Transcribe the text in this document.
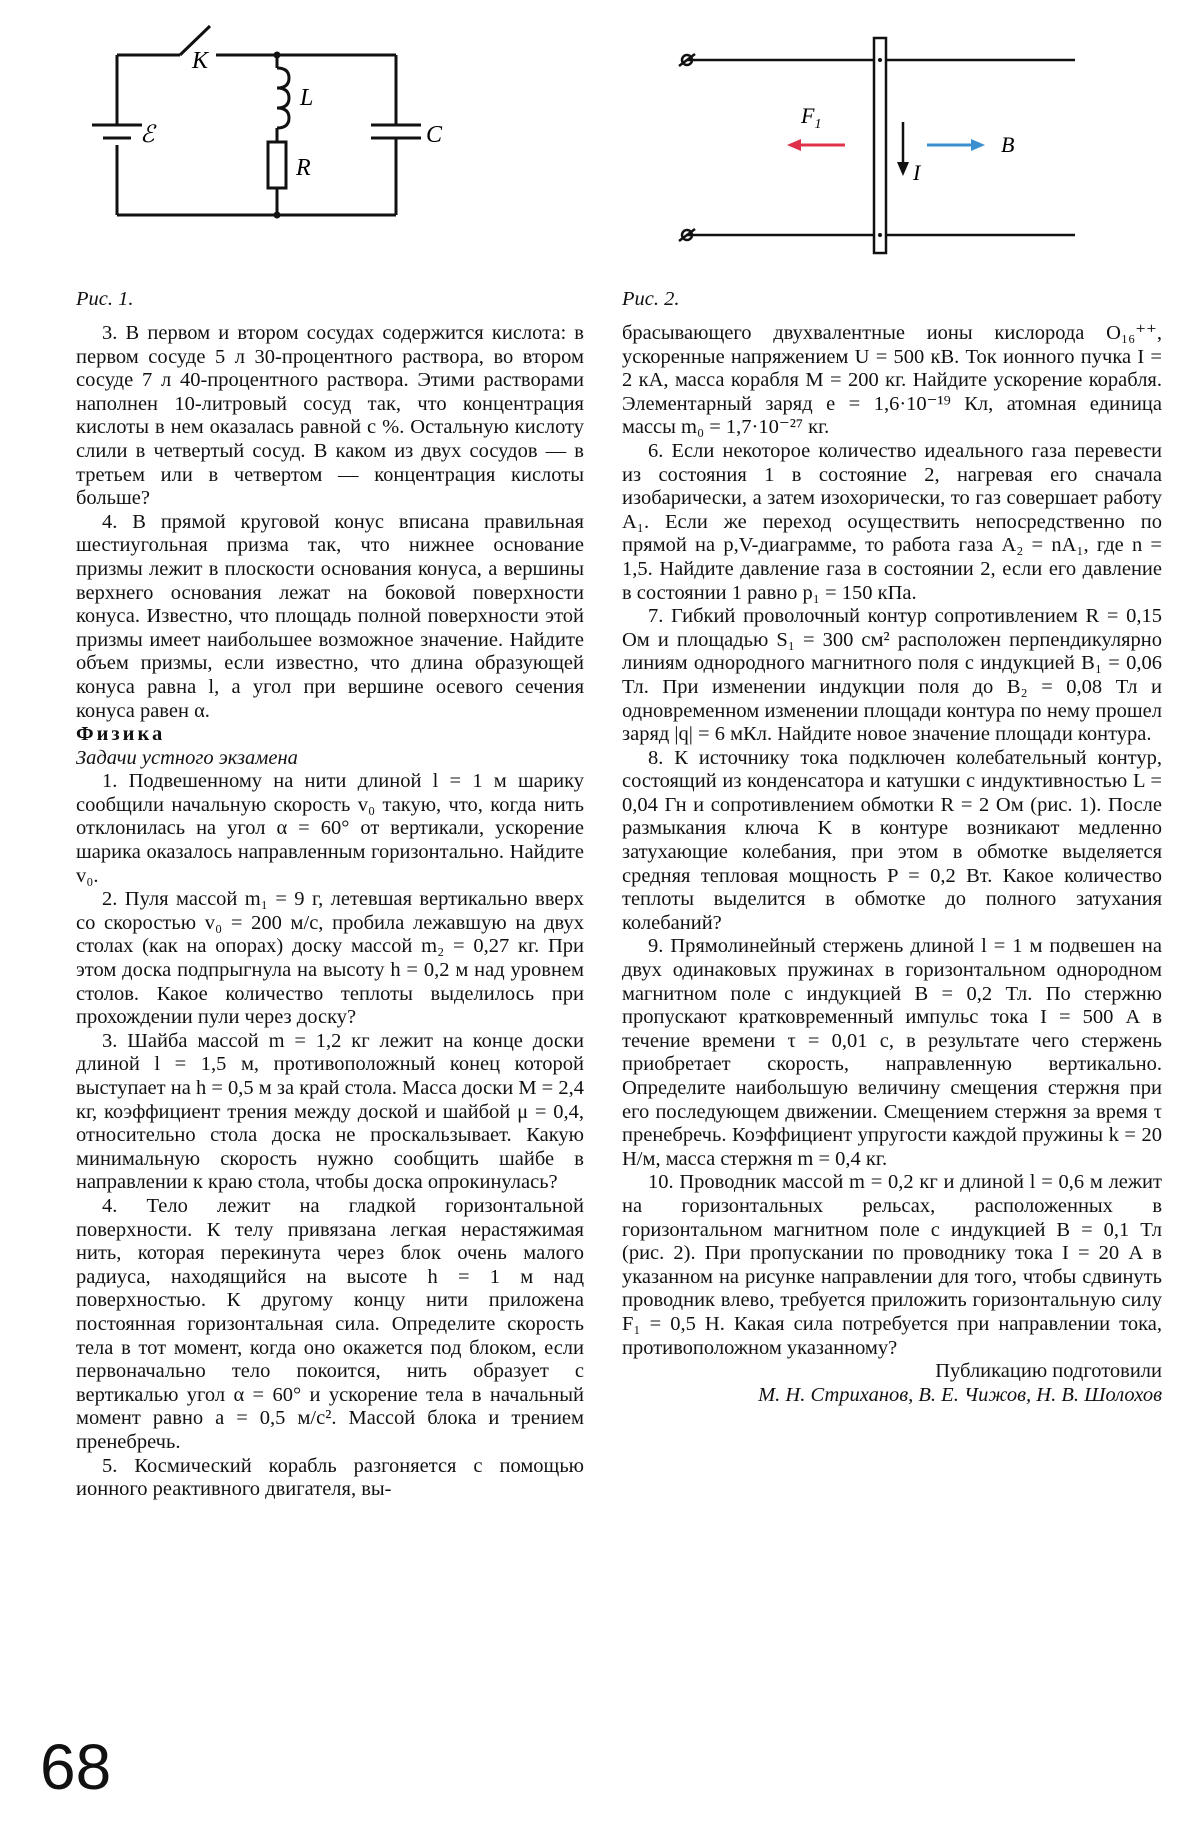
K
ℰ
L
R
C
$F_1$
I
B
Рис. 1.	Рис. 2.

3. В первом и втором сосудах содержится кислота: в первом сосуде 5 л 30-процентного раствора, во втором сосуде 7 л 40-процентного раствора. Этими растворами наполнен 10-литровый сосуд так, что концентрация кислоты в нем оказалась равной c %. Остальную кислоту слили в четвертый сосуд. В каком из двух сосудов — в третьем или в четвертом — концентрация кислоты больше?

4. В прямой круговой конус вписана правильная шестиугольная призма так, что нижнее основание призмы лежит в плоскости основания конуса, а вершины верхнего основания лежат на боковой поверхности конуса. Известно, что площадь полной поверхности этой призмы имеет наибольшее возможное значение. Найдите объем призмы, если известно, что длина образующей конуса равна l, а угол при вершине осевого сечения конуса равен α.

Физика

Задачи устного экзамена

1. Подвешенному на нити длиной l = 1 м шарику сообщили начальную скорость v₀ такую, что, когда нить отклонилась на угол α = 60° от вертикали, ускорение шарика оказалось направленным горизонтально. Найдите v₀.

2. Пуля массой m₁ = 9 г, летевшая вертикально вверх со скоростью v₀ = 200 м/с, пробила лежавшую на двух столах (как на опорах) доску массой m₂ = 0,27 кг. При этом доска подпрыгнула на высоту h = 0,2 м над уровнем столов. Какое количество теплоты выделилось при прохождении пули через доску?

3. Шайба массой m = 1,2 кг лежит на конце доски длиной l = 1,5 м, противоположный конец которой выступает на h = 0,5 м за край стола. Масса доски M = 2,4 кг, коэффициент трения между доской и шайбой μ = 0,4, относительно стола доска не проскальзывает. Какую минимальную скорость нужно сообщить шайбе в направлении к краю стола, чтобы доска опрокинулась?

4. Тело лежит на гладкой горизонтальной поверхности. К телу привязана легкая нерастяжимая нить, которая перекинута через блок очень малого радиуса, находящийся на высоте h = 1 м над поверхностью. К другому концу нити приложена постоянная горизонтальная сила. Определите скорость тела в тот момент, когда оно окажется под блоком, если первоначально тело покоится, нить образует с вертикалью угол α = 60° и ускорение тела в начальный момент равно a = 0,5 м/с². Массой блока и трением пренебречь.

5. Космический корабль разгоняется с помощью ионного реактивного двигателя, вы-

брасывающего двухвалентные ионы кислорода O₁₆⁺⁺, ускоренные напряжением U = 500 кВ. Ток ионного пучка I = 2 кА, масса корабля M = 200 кг. Найдите ускорение корабля. Элементарный заряд e = 1,6·10⁻¹⁹ Кл, атомная единица массы m₀ = 1,7·10⁻²⁷ кг.

6. Если некоторое количество идеального газа перевести из состояния 1 в состояние 2, нагревая его сначала изобарически, а затем изохорически, то газ совершает работу A₁. Если же переход осуществить непосредственно по прямой на p,V-диаграмме, то работа газа A₂ = nA₁, где n = 1,5. Найдите давление газа в состоянии 2, если его давление в состоянии 1 равно p₁ = 150 кПа.

7. Гибкий проволочный контур сопротивлением R = 0,15 Ом и площадью S₁ = 300 см² расположен перпендикулярно линиям однородного магнитного поля с индукцией B₁ = 0,06 Тл. При изменении индукции поля до B₂ = 0,08 Тл и одновременном изменении площади контура по нему прошел заряд |q| = 6 мКл. Найдите новое значение площади контура.

8. К источнику тока подключен колебательный контур, состоящий из конденсатора и катушки с индуктивностью L = 0,04 Гн и сопротивлением обмотки R = 2 Ом (рис. 1). После размыкания ключа K в контуре возникают медленно затухающие колебания, при этом в обмотке выделяется средняя тепловая мощность P = 0,2 Вт. Какое количество теплоты выделится в обмотке до полного затухания колебаний?

9. Прямолинейный стержень длиной l = 1 м подвешен на двух одинаковых пружинах в горизонтальном однородном магнитном поле с индукцией B = 0,2 Тл. По стержню пропускают кратковременный импульс тока I = 500 А в течение времени τ = 0,01 с, в результате чего стержень приобретает скорость, направленную вертикально. Определите наибольшую величину смещения стержня при его последующем движении. Смещением стержня за время τ пренебречь. Коэффициент упругости каждой пружины k = 20 Н/м, масса стержня m = 0,4 кг.

10. Проводник массой m = 0,2 кг и длиной l = 0,6 м лежит на горизонтальных рельсах, расположенных в горизонтальном магнитном поле с индукцией B = 0,1 Тл (рис. 2). При пропускании по проводнику тока I = 20 А в указанном на рисунке направлении для того, чтобы сдвинуть проводник влево, требуется приложить горизонтальную силу F₁ = 0,5 Н. Какая сила потребуется при направлении тока, противоположном указанному?

Публикацию подготовили

М. Н. Стриханов, В. Е. Чижов, Н. В. Шолохов

68
